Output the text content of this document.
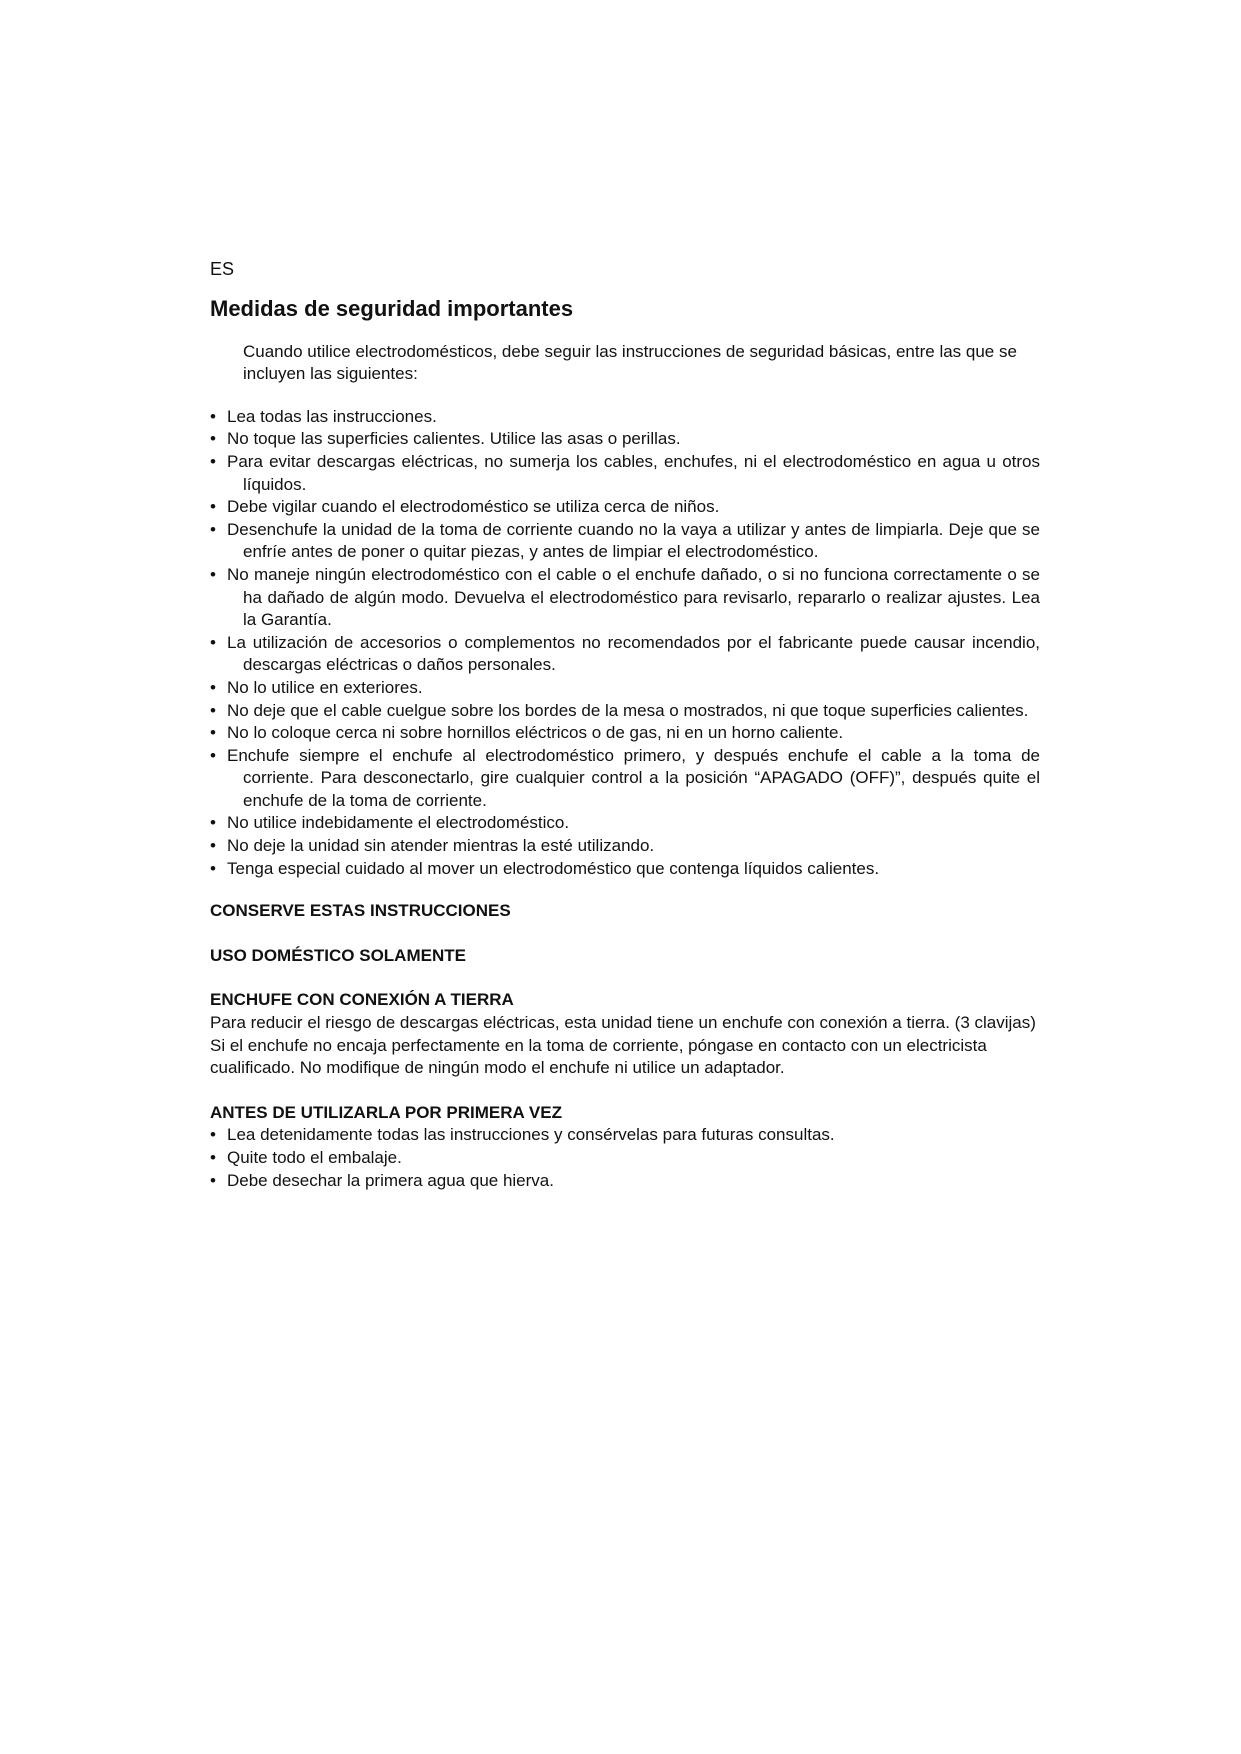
ES
Medidas de seguridad importantes

Cuando utilice electrodomésticos, debe seguir las instrucciones de seguridad básicas, entre las que se incluyen las siguientes:

• Lea todas las instrucciones.
• No toque las superficies calientes. Utilice las asas o perillas.
• Para evitar descargas eléctricas, no sumerja los cables, enchufes, ni el electrodoméstico en agua u otros líquidos.
• Debe vigilar cuando el electrodoméstico se utiliza cerca de niños.
• Desenchufe la unidad de la toma de corriente cuando no la vaya a utilizar y antes de limpiarla. Deje que se enfríe antes de poner o quitar piezas, y antes de limpiar el electrodoméstico.
• No maneje ningún electrodoméstico con el cable o el enchufe dañado, o si no funciona correctamente o se ha dañado de algún modo. Devuelva el electrodoméstico para revisarlo, repararlo o realizar ajustes. Lea la Garantía.
• La utilización de accesorios o complementos no recomendados por el fabricante puede causar incendio, descargas eléctricas o daños personales.
• No lo utilice en exteriores.
• No deje que el cable cuelgue sobre los bordes de la mesa o mostrados, ni que toque superficies calientes.
• No lo coloque cerca ni sobre hornillos eléctricos o de gas, ni en un horno caliente.
• Enchufe siempre el enchufe al electrodoméstico primero, y después enchufe el cable a la toma de corriente. Para desconectarlo, gire cualquier control a la posición “APAGADO (OFF)”, después quite el enchufe de la toma de corriente.
• No utilice indebidamente el electrodoméstico.
• No deje la unidad sin atender mientras la esté utilizando.
• Tenga especial cuidado al mover un electrodoméstico que contenga líquidos calientes.

CONSERVE ESTAS INSTRUCCIONES

USO DOMÉSTICO SOLAMENTE

ENCHUFE CON CONEXIÓN A TIERRA

Para reducir el riesgo de descargas eléctricas, esta unidad tiene un enchufe con conexión a tierra. (3 clavijas) Si el enchufe no encaja perfectamente en la toma de corriente, póngase en contacto con un electricista cualificado. No modifique de ningún modo el enchufe ni utilice un adaptador.

ANTES DE UTILIZARLA POR PRIMERA VEZ

• Lea detenidamente todas las instrucciones y consérvelas para futuras consultas.
• Quite todo el embalaje.
• Debe desechar la primera agua que hierva.
